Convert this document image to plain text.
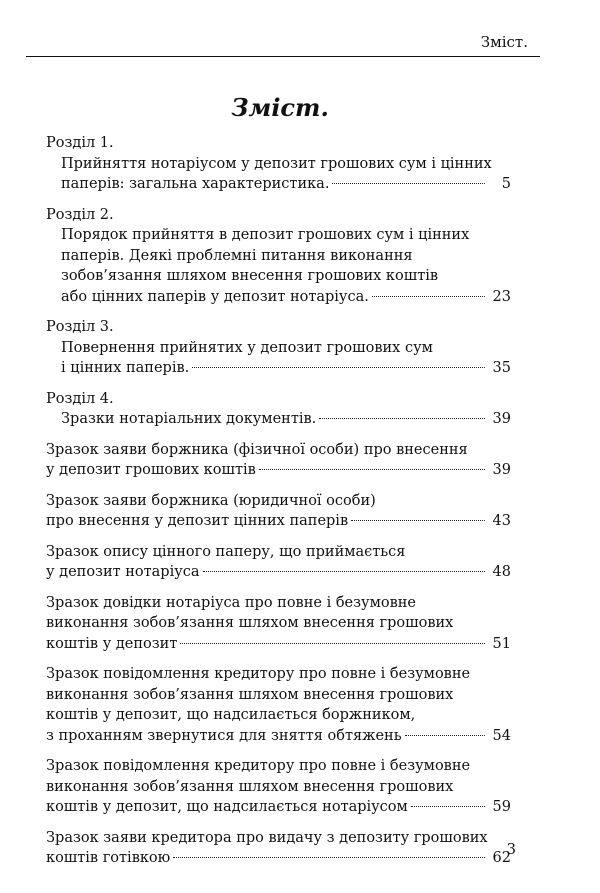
Зміст.
Зміст.
Розділ 1.
Прийняття нотаріусом у депозит грошових сум і цінних
паперів: загальна характеристика.	5
Розділ 2.
Порядок прийняття в депозит грошових сум і цінних
паперів. Деякі проблемні питання виконання
зобов’язання шляхом внесення грошових коштів
або цінних паперів у депозит нотаріуса.	23
Розділ 3.
Повернення прийнятих у депозит грошових сум
і цінних паперів.	35
Розділ 4.
Зразки нотаріальних документів.	39
Зразок заяви боржника (фізичної особи) про внесення
у депозит грошових коштів	39
Зразок заяви боржника (юридичної особи)
про внесення у депозит цінних паперів	43
Зразок опису цінного паперу, що приймається
у депозит нотаріуса	48
Зразок довідки нотаріуса про повне і безумовне
виконання зобов’язання шляхом внесення грошових
коштів у депозит	51
Зразок повідомлення кредитору про повне і безумовне
виконання зобов’язання шляхом внесення грошових
коштів у депозит, що надсилається боржником,
з проханням звернутися для зняття обтяжень	54
Зразок повідомлення кредитору про повне і безумовне
виконання зобов’язання шляхом внесення грошових
коштів у депозит, що надсилається нотаріусом	59
Зразок заяви кредитора про видачу з депозиту грошових
коштів готівкою	62
3
